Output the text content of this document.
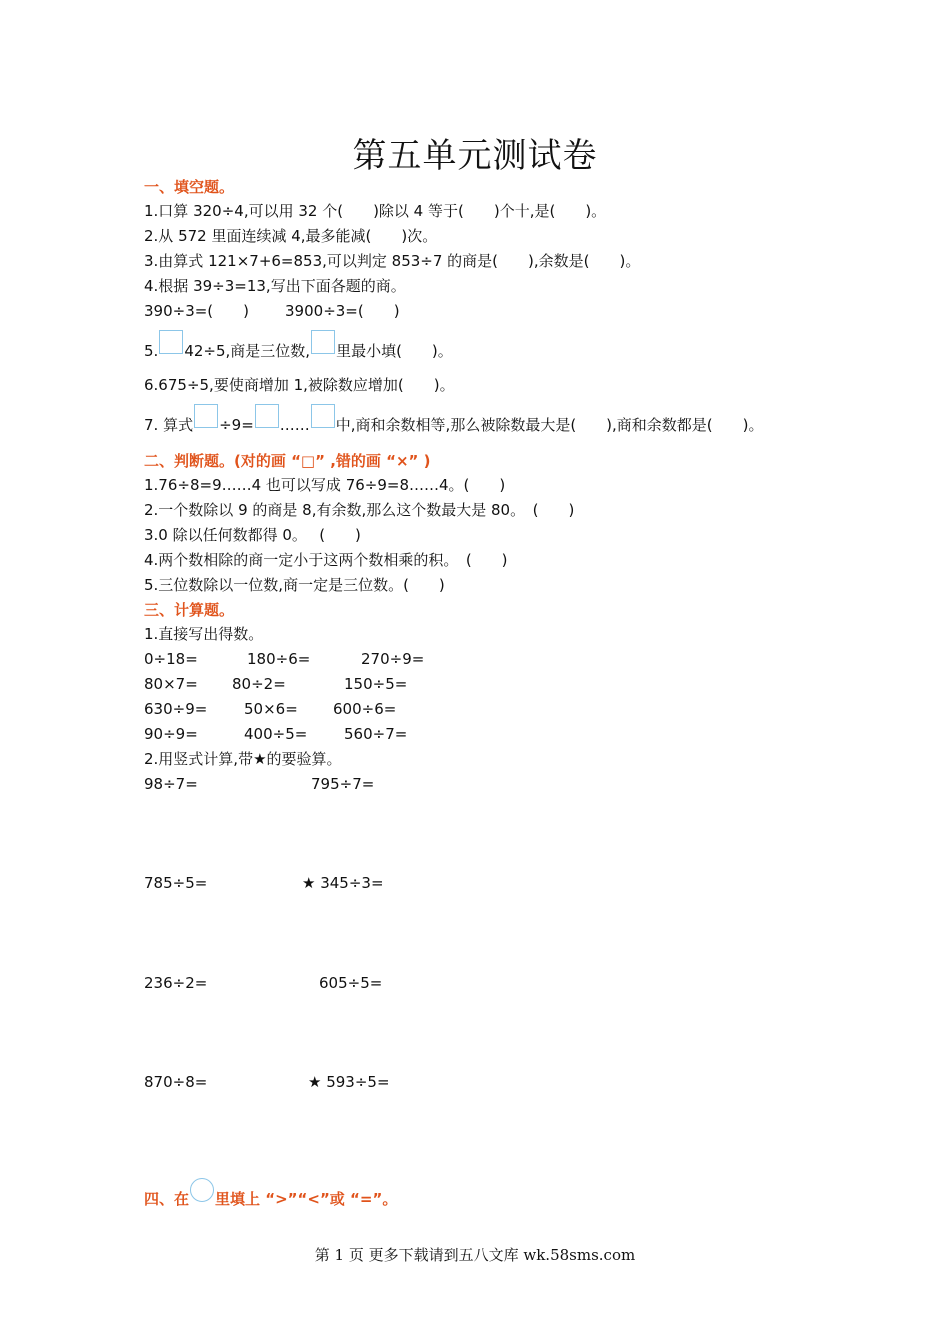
第五单元测试卷
一、填空题。
1.口算 320÷4,可以用 32 个(　　)除以 4 等于(　　)个十,是(　　)。
2.从 572 里面连续减 4,最多能减(　　)次。
3.由算式 121×7+6=853,可以判定 853÷7 的商是(　　),余数是(　　)。
4.根据 39÷3=13,写出下面各题的商。
390÷3=(　　) 3900÷3=(　　)
5. 42÷5,商是三位数, 里最小填(　　)。
6.675÷5,要使商增加 1,被除数应增加(　　)。
7. 算式 ÷9= …… 中,商和余数相等,那么被除数最大是(　　),商和余数都是(　　)。
二、判断题。(对的画 “□” ,错的画 “×” )
1.76÷8=9……4 也可以写成 76÷9=8……4。(　　)
2.一个数除以 9 的商是 8,有余数,那么这个数最大是 80。　(　　)
3.0 除以任何数都得 0。　 (　　)
4.两个数相除的商一定小于这两个数相乘的积。　(　　)
5.三位数除以一位数,商一定是三位数。(　　)
三、计算题。
1.直接写出得数。
0÷18=	180÷6=	270÷9=
80×7= 80÷2=	150÷5=
630÷9= 50×6= 600÷6=
90÷9=	400÷5= 560÷7=
2.用竖式计算,带★的要验算。
98÷7=	795÷7=
785÷5=	★ 345÷3=
236÷2=	605÷5=
870÷8=	★ 593÷5=
四、在 里填上 “>”“<”或 “=”。
第 1 页 更多下载请到五八文库 wk.58sms.com
